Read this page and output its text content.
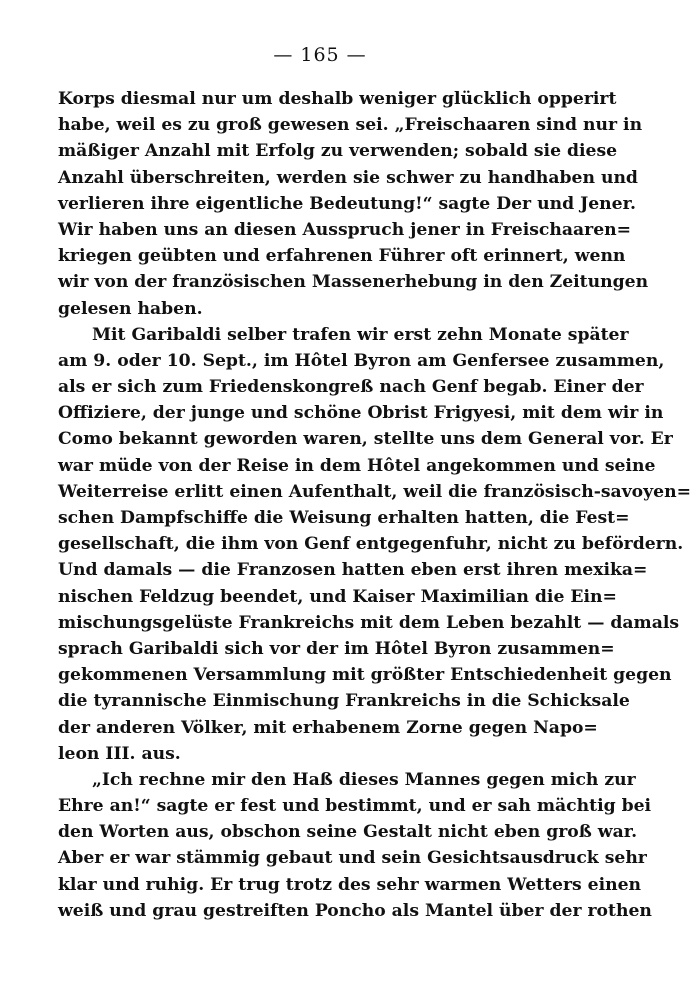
— 165 —
Korps diesmal nur um deshalb weniger glücklich opperirt
habe, weil es zu groß gewesen sei. „Freischaaren sind nur in
mäßiger Anzahl mit Erfolg zu verwenden; sobald sie diese
Anzahl überschreiten, werden sie schwer zu handhaben und
verlieren ihre eigentliche Bedeutung!“ sagte Der und Jener.
Wir haben uns an diesen Ausspruch jener in Freischaaren=
kriegen geübten und erfahrenen Führer oft erinnert, wenn
wir von der französischen Massenerhebung in den Zeitungen
gelesen haben.
Mit Garibaldi selber trafen wir erst zehn Monate später
am 9. oder 10. Sept., im Hôtel Byron am Genfersee zusammen,
als er sich zum Friedenskongreß nach Genf begab. Einer der
Offiziere, der junge und schöne Obrist Frigyesi, mit dem wir in
Como bekannt geworden waren, stellte uns dem General vor. Er
war müde von der Reise in dem Hôtel angekommen und seine
Weiterreise erlitt einen Aufenthalt, weil die französisch-savoyen=
schen Dampfschiffe die Weisung erhalten hatten, die Fest=
gesellschaft, die ihm von Genf entgegenfuhr, nicht zu befördern.
Und damals — die Franzosen hatten eben erst ihren mexika=
nischen Feldzug beendet, und Kaiser Maximilian die Ein=
mischungsgelüste Frankreichs mit dem Leben bezahlt — damals
sprach Garibaldi sich vor der im Hôtel Byron zusammen=
gekommenen Versammlung mit größter Entschiedenheit gegen
die tyrannische Einmischung Frankreichs in die Schicksale
der anderen Völker, mit erhabenem Zorne gegen Napo=
leon III. aus.
„Ich rechne mir den Haß dieses Mannes gegen mich zur
Ehre an!“ sagte er fest und bestimmt, und er sah mächtig bei
den Worten aus, obschon seine Gestalt nicht eben groß war.
Aber er war stämmig gebaut und sein Gesichtsausdruck sehr
klar und ruhig. Er trug trotz des sehr warmen Wetters einen
weiß und grau gestreiften Poncho als Mantel über der rothen
